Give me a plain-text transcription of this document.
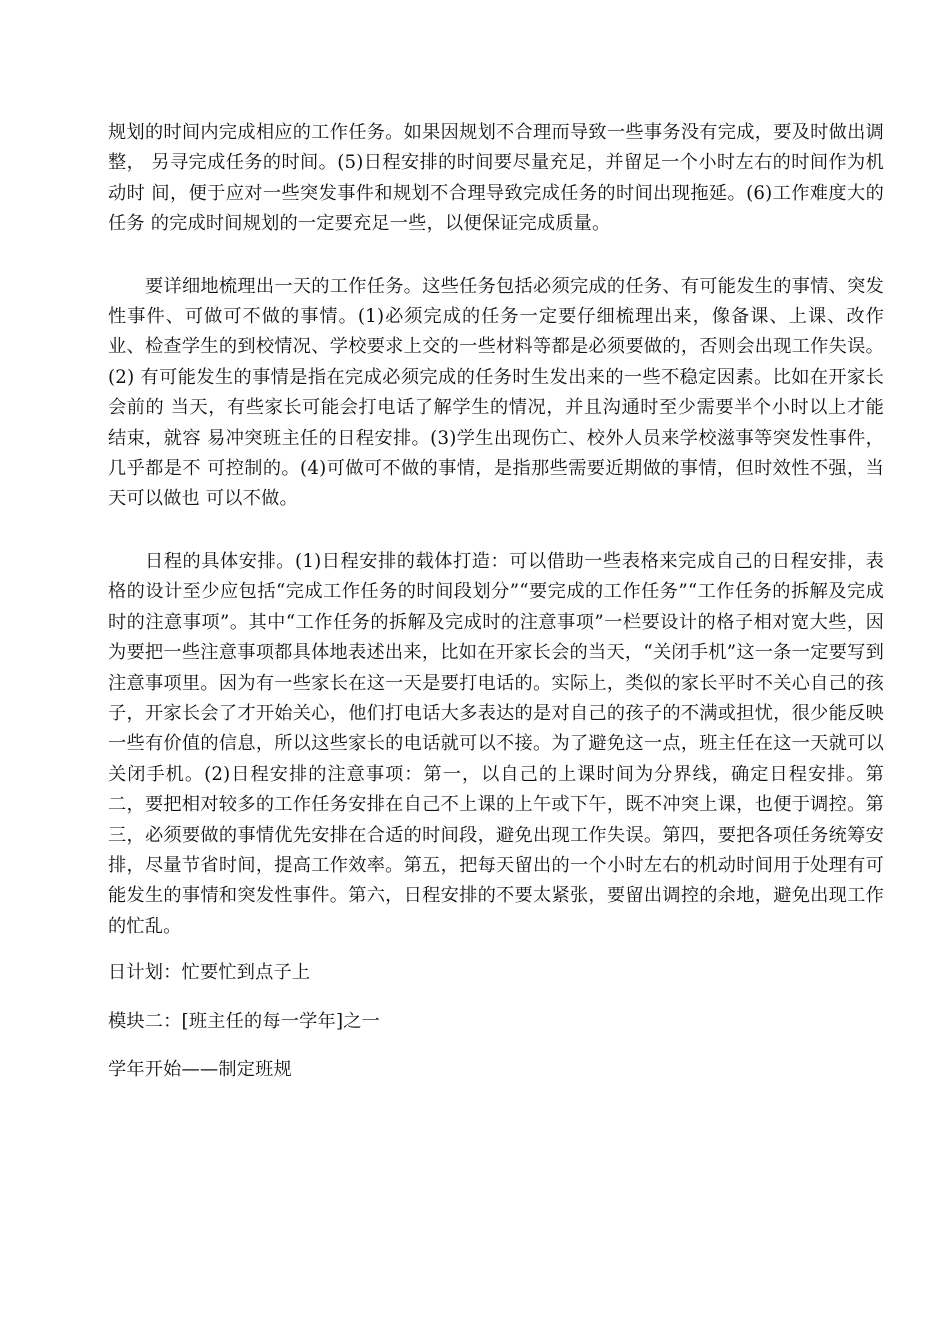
规划的时间内完成相应的工作任务。如果因规划不合理而导致一些事务没有完成，要及时做出调整， 另寻完成任务的时间。(5)日程安排的时间要尽量充足，并留足一个小时左右的时间作为机动时 间，便于应对一些突发事件和规划不合理导致完成任务的时间出现拖延。(6)工作难度大的任务 的完成时间规划的一定要充足一些，以便保证完成质量。

要详细地梳理出一天的工作任务。这些任务包括必须完成的任务、有可能发生的事情、突发性事件、可做可不做的事情。(1)必须完成的任务一定要仔细梳理出来，像备课、上课、改作业、检查学生的到校情况、学校要求上交的一些材料等都是必须要做的，否则会出现工作失误。(2) 有可能发生的事情是指在完成必须完成的任务时生发出来的一些不稳定因素。比如在开家长会前的 当天，有些家长可能会打电话了解学生的情况，并且沟通时至少需要半个小时以上才能结束，就容 易冲突班主任的日程安排。(3)学生出现伤亡、校外人员来学校滋事等突发性事件，几乎都是不 可控制的。(4)可做可不做的事情，是指那些需要近期做的事情，但时效性不强，当天可以做也 可以不做。

日程的具体安排。(1)日程安排的载体打造：可以借助一些表格来完成自己的日程安排，表格的设计至少应包括“完成工作任务的时间段划分”“要完成的工作任务”“工作任务的拆解及完成时的注意事项”。其中“工作任务的拆解及完成时的注意事项”一栏要设计的格子相对宽大些，因为要把一些注意事项都具体地表述出来，比如在开家长会的当天，“关闭手机”这一条一定要写到注意事项里。因为有一些家长在这一天是要打电话的。实际上，类似的家长平时不关心自己的孩子，开家长会了才开始关心，他们打电话大多表达的是对自己的孩子的不满或担忧，很少能反映一些有价值的信息，所以这些家长的电话就可以不接。为了避免这一点，班主任在这一天就可以关闭手机。(2)日程安排的注意事项：第一，以自己的上课时间为分界线，确定日程安排。第二，要把相对较多的工作任务安排在自己不上课的上午或下午，既不冲突上课，也便于调控。第三，必须要做的事情优先安排在合适的时间段，避免出现工作失误。第四，要把各项任务统筹安排，尽量节省时间，提高工作效率。第五，把每天留出的一个小时左右的机动时间用于处理有可能发生的事情和突发性事件。第六，日程安排的不要太紧张，要留出调控的余地，避免出现工作的忙乱。

日计划：忙要忙到点子上

模块二：[班主任的每一学年]之一

学年开始——制定班规
